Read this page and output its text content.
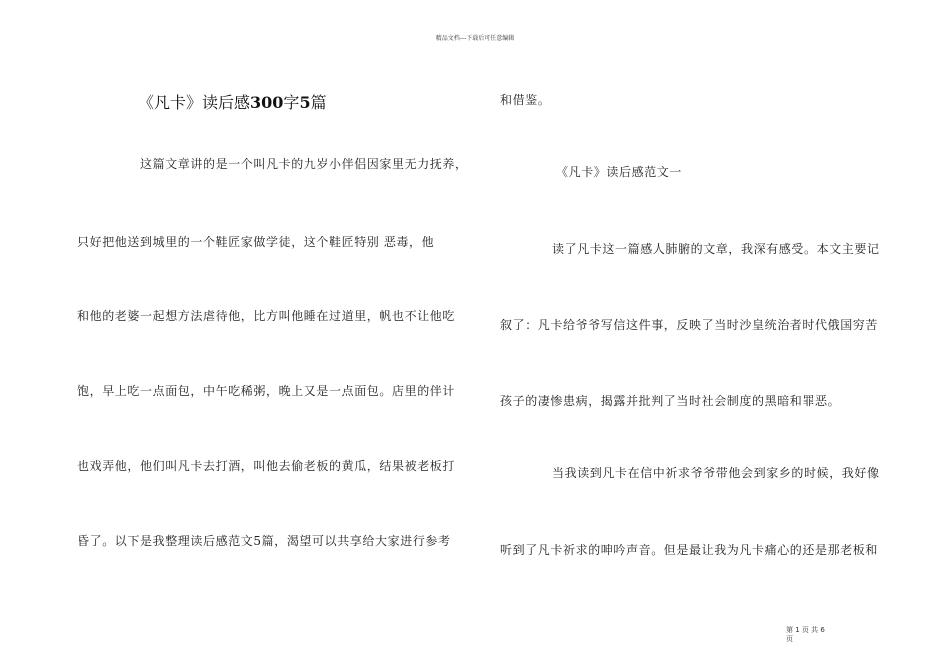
精品文档---下载后可任意编辑
《凡卡》读后感300字5篇
这篇文章讲的是一个叫凡卡的九岁小伴侣因家里无力抚养，
只好把他送到城里的一个鞋匠家做学徒，这个鞋匠特别 恶毒，他
和他的老婆一起想方法虐待他，比方叫他睡在过道里，帆也不让他吃
饱，早上吃一点面包，中午吃稀粥，晚上又是一点面包。店里的伴计
也戏弄他，他们叫凡卡去打酒，叫他去偷老板的黄瓜，结果被老板打
昏了。以下是我整理读后感范文5篇，渴望可以共享给大家进行参考
和借鉴。
《凡卡》读后感范文一
读了凡卡这一篇感人肺腑的文章，我深有感受。本文主要记
叙了：凡卡给爷爷写信这件事，反映了当时沙皇统治者时代俄国穷苦
孩子的凄惨患病，揭露并批判了当时社会制度的黑暗和罪恶。
当我读到凡卡在信中祈求爷爷带他会到家乡的时候，我好像
听到了凡卡祈求的呻吟声音。但是最让我为凡卡痛心的还是那老板和
第 1 页 共 6
页
